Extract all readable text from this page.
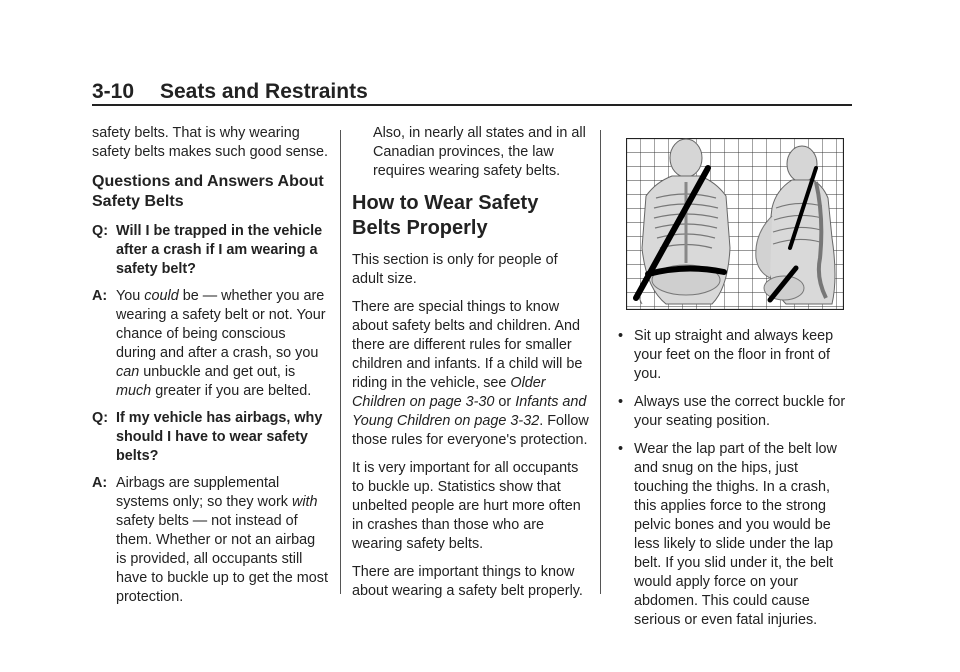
3-10 Seats and Restraints

safety belts. That is why wearing safety belts makes such good sense.

Questions and Answers About Safety Belts
Q: Will I be trapped in the vehicle after a crash if I am wearing a safety belt?
A: You could be — whether you are wearing a safety belt or not. Your chance of being conscious during and after a crash, so you can unbuckle and get out, is much greater if you are belted.
Q: If my vehicle has airbags, why should I have to wear safety belts?
A: Airbags are supplemental systems only; so they work with safety belts — not instead of them. Whether or not an airbag is provided, all occupants still have to buckle up to get the most protection.

Also, in nearly all states and in all Canadian provinces, the law requires wearing safety belts.

How to Wear Safety Belts Properly

This section is only for people of adult size.

There are special things to know about safety belts and children. And there are different rules for smaller children and infants. If a child will be riding in the vehicle, see Older Children on page 3-30 or Infants and Young Children on page 3-32. Follow those rules for everyone's protection.

It is very important for all occupants to buckle up. Statistics show that unbelted people are hurt more often in crashes than those who are wearing safety belts.

There are important things to know about wearing a safety belt properly.

• Sit up straight and always keep your feet on the floor in front of you.
• Always use the correct buckle for your seating position.
• Wear the lap part of the belt low and snug on the hips, just touching the thighs. In a crash, this applies force to the strong pelvic bones and you would be less likely to slide under the lap belt. If you slid under it, the belt would apply force on your abdomen. This could cause serious or even fatal injuries.
